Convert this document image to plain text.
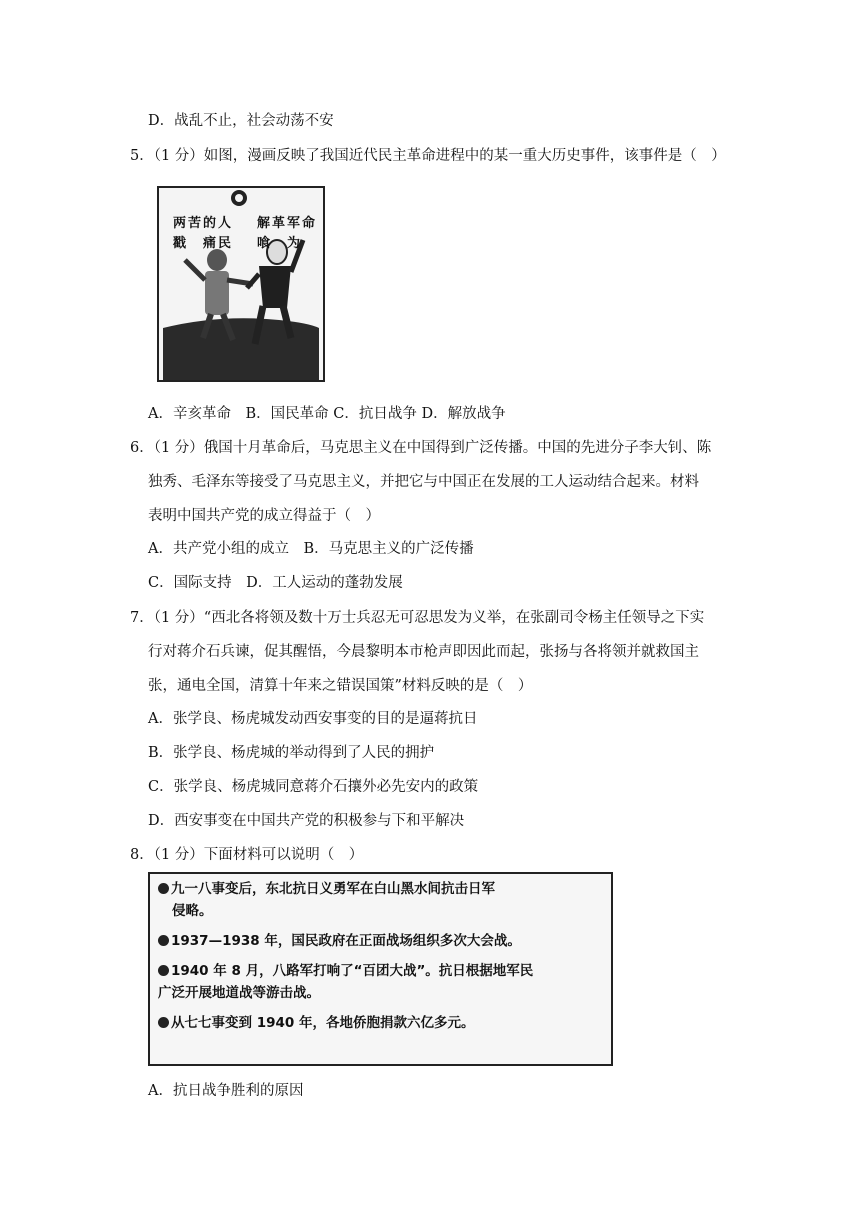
D．战乱不止，社会动荡不安
5．（1 分）如图，漫画反映了我国近代民主革命进程中的某一重大历史事件，该事件是（　）
两苦的人
戳　痛民
解革军命
喰　为
A．辛亥革命　B．国民革命 C．抗日战争 D．解放战争
6．（1 分）俄国十月革命后，马克思主义在中国得到广泛传播。中国的先进分子李大钊、陈
独秀、毛泽东等接受了马克思主义，并把它与中国正在发展的工人运动结合起来。材料
表明中国共产党的成立得益于（　）
A．共产党小组的成立　B．马克思主义的广泛传播
C．国际支持　D．工人运动的蓬勃发展
7．（1 分）“西北各将领及数十万士兵忍无可忍思发为义举，在张副司令杨主任领导之下实
行对蒋介石兵谏，促其醒悟，今晨黎明本市枪声即因此而起，张扬与各将领并就救国主
张，通电全国，清算十年来之错误国策”材料反映的是（　）
A．张学良、杨虎城发动西安事变的目的是逼蒋抗日
B．张学良、杨虎城的举动得到了人民的拥护
C．张学良、杨虎城同意蒋介石攘外必先安内的政策
D．西安事变在中国共产党的积极参与下和平解决
8．（1 分）下面材料可以说明（　）

九一八事变后，东北抗日义勇军在白山黑水间抗击日军

侵略。

1937—1938 年，国民政府在正面战场组织多次大会战。

1940 年 8 月，八路军打响了“百团大战”。抗日根据地军民

广泛开展地道战等游击战。

从七七事变到 1940 年，各地侨胞捐款六亿多元。

A．抗日战争胜利的原因
